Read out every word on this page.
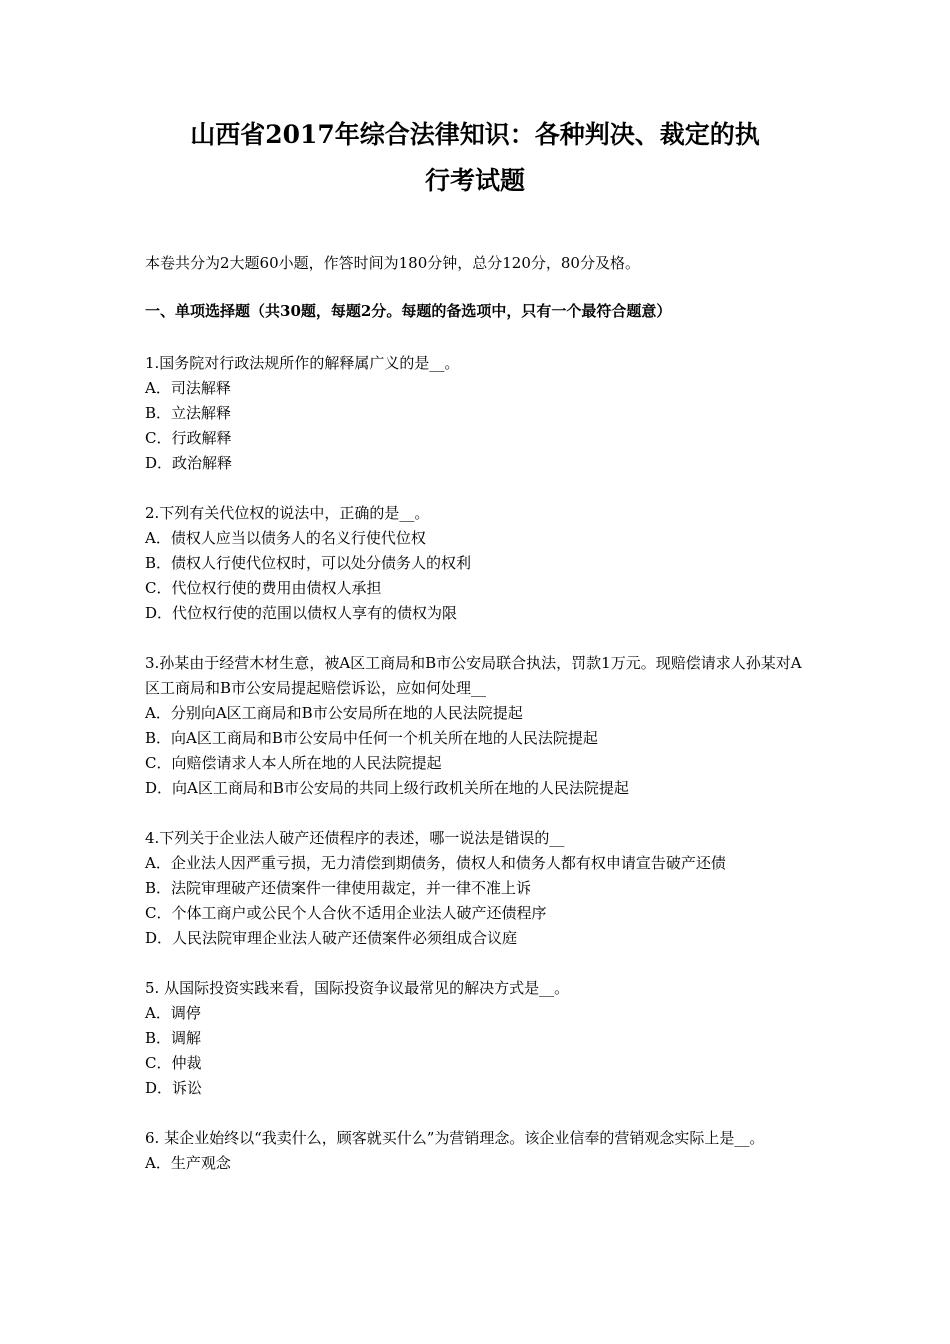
山西省2017年综合法律知识：各种判决、裁定的执
行考试题
本卷共分为2大题60小题，作答时间为180分钟，总分120分，80分及格。
一、单项选择题（共30题，每题2分。每题的备选项中，只有一个最符合题意）
1.国务院对行政法规所作的解释属广义的是__。
A．司法解释
B．立法解释
C．行政解释
D．政治解释
2.下列有关代位权的说法中，正确的是__。
A．债权人应当以债务人的名义行使代位权
B．债权人行使代位权时，可以处分债务人的权利
C．代位权行使的费用由债权人承担
D．代位权行使的范围以债权人享有的债权为限
3.孙某由于经营木材生意，被A区工商局和B市公安局联合执法，罚款1万元。现赔偿请求人孙某对A区工商局和B市公安局提起赔偿诉讼，应如何处理__
A．分别向A区工商局和B市公安局所在地的人民法院提起
B．向A区工商局和B市公安局中任何一个机关所在地的人民法院提起
C．向赔偿请求人本人所在地的人民法院提起
D．向A区工商局和B市公安局的共同上级行政机关所在地的人民法院提起
4.下列关于企业法人破产还债程序的表述，哪一说法是错误的__
A．企业法人因严重亏损，无力清偿到期债务，债权人和债务人都有权申请宣告破产还债
B．法院审理破产还债案件一律使用裁定，并一律不准上诉
C．个体工商户或公民个人合伙不适用企业法人破产还债程序
D．人民法院审理企业法人破产还债案件必须组成合议庭
5. 从国际投资实践来看，国际投资争议最常见的解决方式是__。
A．调停
B．调解
C．仲裁
D．诉讼
6. 某企业始终以“我卖什么，顾客就买什么”为营销理念。该企业信奉的营销观念实际上是__。
A．生产观念
